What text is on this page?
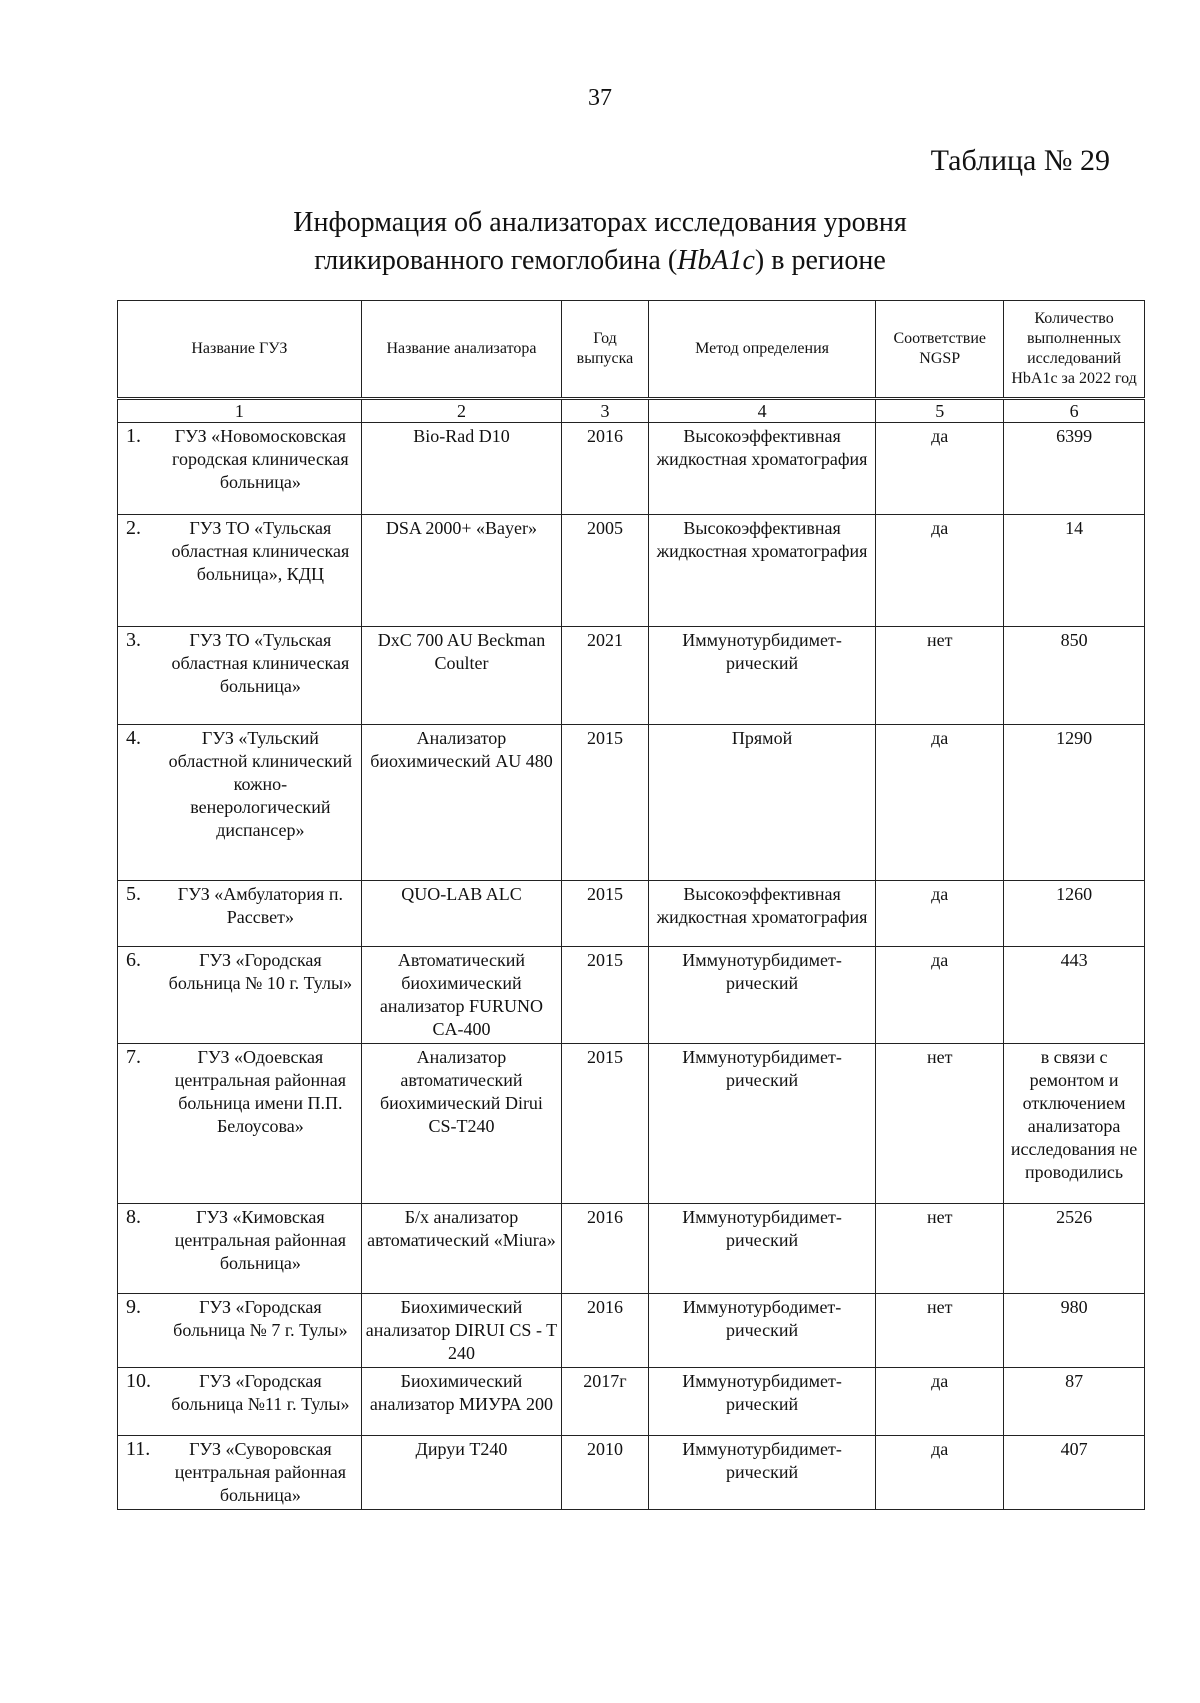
37
Таблица № 29
Информация об анализаторах исследования уровня
гликированного гемоглобина (HbA1c) в регионе
Название ГУЗ	Название анализатора	Год выпуска	Метод определения	Соответствие NGSP	Количество выполненных исследований HbA1c за 2022 год
1	2	3	4	5	6

1. ГУЗ «Новомосковская городская клиническая больница»	Bio-Rad D10	2016	Высокоэффективная жидкостная хроматография	да	6399

2. ГУЗ ТО «Тульская областная клиническая больница», КДЦ	DSA 2000+ «Bayer»	2005	Высокоэффективная жидкостная хроматография	да	14

3. ГУЗ ТО «Тульская областная клиническая больница»	DxC 700 AU Beckman Coulter	2021	Иммунотурбидимет-рический	нет	850

4. ГУЗ «Тульский областной клинический кожно-венерологический диспансер»	Анализатор биохимический AU 480	2015	Прямой	да	1290

5. ГУЗ «Амбулатория п. Рассвет»	QUO-LAB ALC	2015	Высокоэффективная жидкостная хроматография	да	1260

6. ГУЗ «Городская больница № 10 г. Тулы»	Автоматический биохимический анализатор FURUNO CA-400	2015	Иммунотурбидимет-рический	да	443

7. ГУЗ «Одоевская центральная районная больница имени П.П. Белоусова»	Анализатор автоматический биохимический Dirui CS-T240	2015	Иммунотурбидимет-рический	нет	в связи с ремонтом и отключением анализатора исследования не проводились

8. ГУЗ «Кимовская центральная районная больница»	Б/х анализатор автоматический «Miura»	2016	Иммунотурбидимет-рический	нет	2526

9. ГУЗ «Городская больница № 7 г. Тулы»	Биохимический анализатор DIRUI CS - T 240	2016	Иммунотурбодимет-рический	нет	980

10. ГУЗ «Городская больница №11 г. Тулы»	Биохимический анализатор МИУРА 200	2017г	Иммунотурбидимет-рический	да	87

11. ГУЗ «Суворовская центральная районная больница»	Дируи Т240	2010	Иммунотурбидимет-рический	да	407
